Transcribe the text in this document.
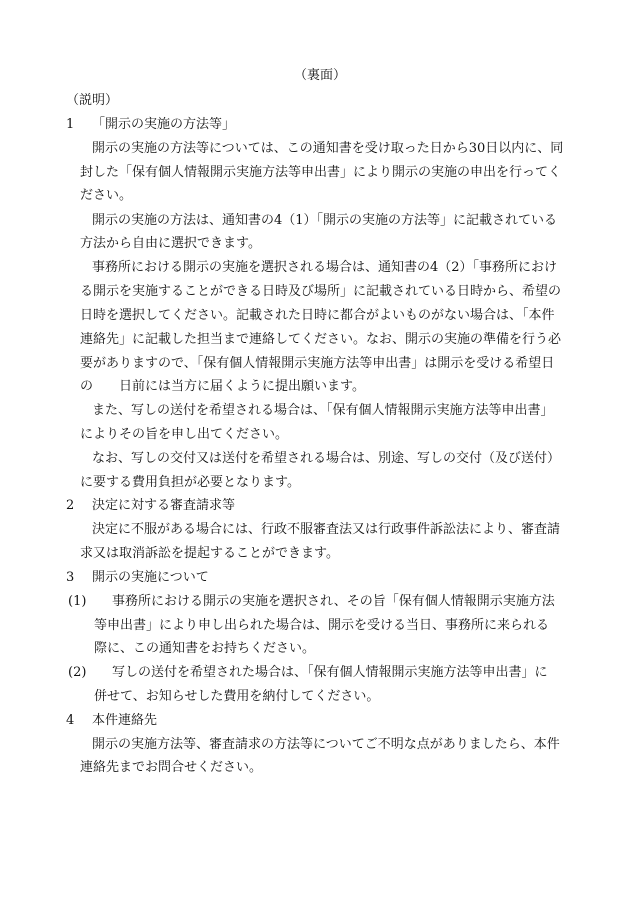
（裏面）
（説明）
1 「開示の実施の方法等」
開示の実施の方法等については、この通知書を受け取った日から30日以内に、同
封した「保有個人情報開示実施方法等申出書」により開示の実施の申出を行ってく
ださい。
開示の実施の方法は、通知書の4（1）「開示の実施の方法等」に記載されている
方法から自由に選択できます。
事務所における開示の実施を選択される場合は、通知書の4（2）「事務所におけ
る開示を実施することができる日時及び場所」に記載されている日時から、希望の
日時を選択してください。記載された日時に都合がよいものがない場合は、「本件
連絡先」に記載した担当まで連絡してください。なお、開示の実施の準備を行う必
要がありますので、「保有個人情報開示実施方法等申出書」は開示を受ける希望日
の　　日前には当方に届くように提出願います。
また、写しの送付を希望される場合は、「保有個人情報開示実施方法等申出書」
によりその旨を申し出てください。
なお、写しの交付又は送付を希望される場合は、別途、写しの交付（及び送付）
に要する費用負担が必要となります。
2 決定に対する審査請求等
決定に不服がある場合には、行政不服審査法又は行政事件訴訟法により、審査請
求又は取消訴訟を提起することができます。
3 開示の実施について
(1) 事務所における開示の実施を選択され、その旨「保有個人情報開示実施方法
等申出書」により申し出られた場合は、開示を受ける当日、事務所に来られる
際に、この通知書をお持ちください。
(2) 写しの送付を希望された場合は、「保有個人情報開示実施方法等申出書」に
併せて、お知らせした費用を納付してください。
4 本件連絡先
開示の実施方法等、審査請求の方法等についてご不明な点がありましたら、本件
連絡先までお問合せください。
